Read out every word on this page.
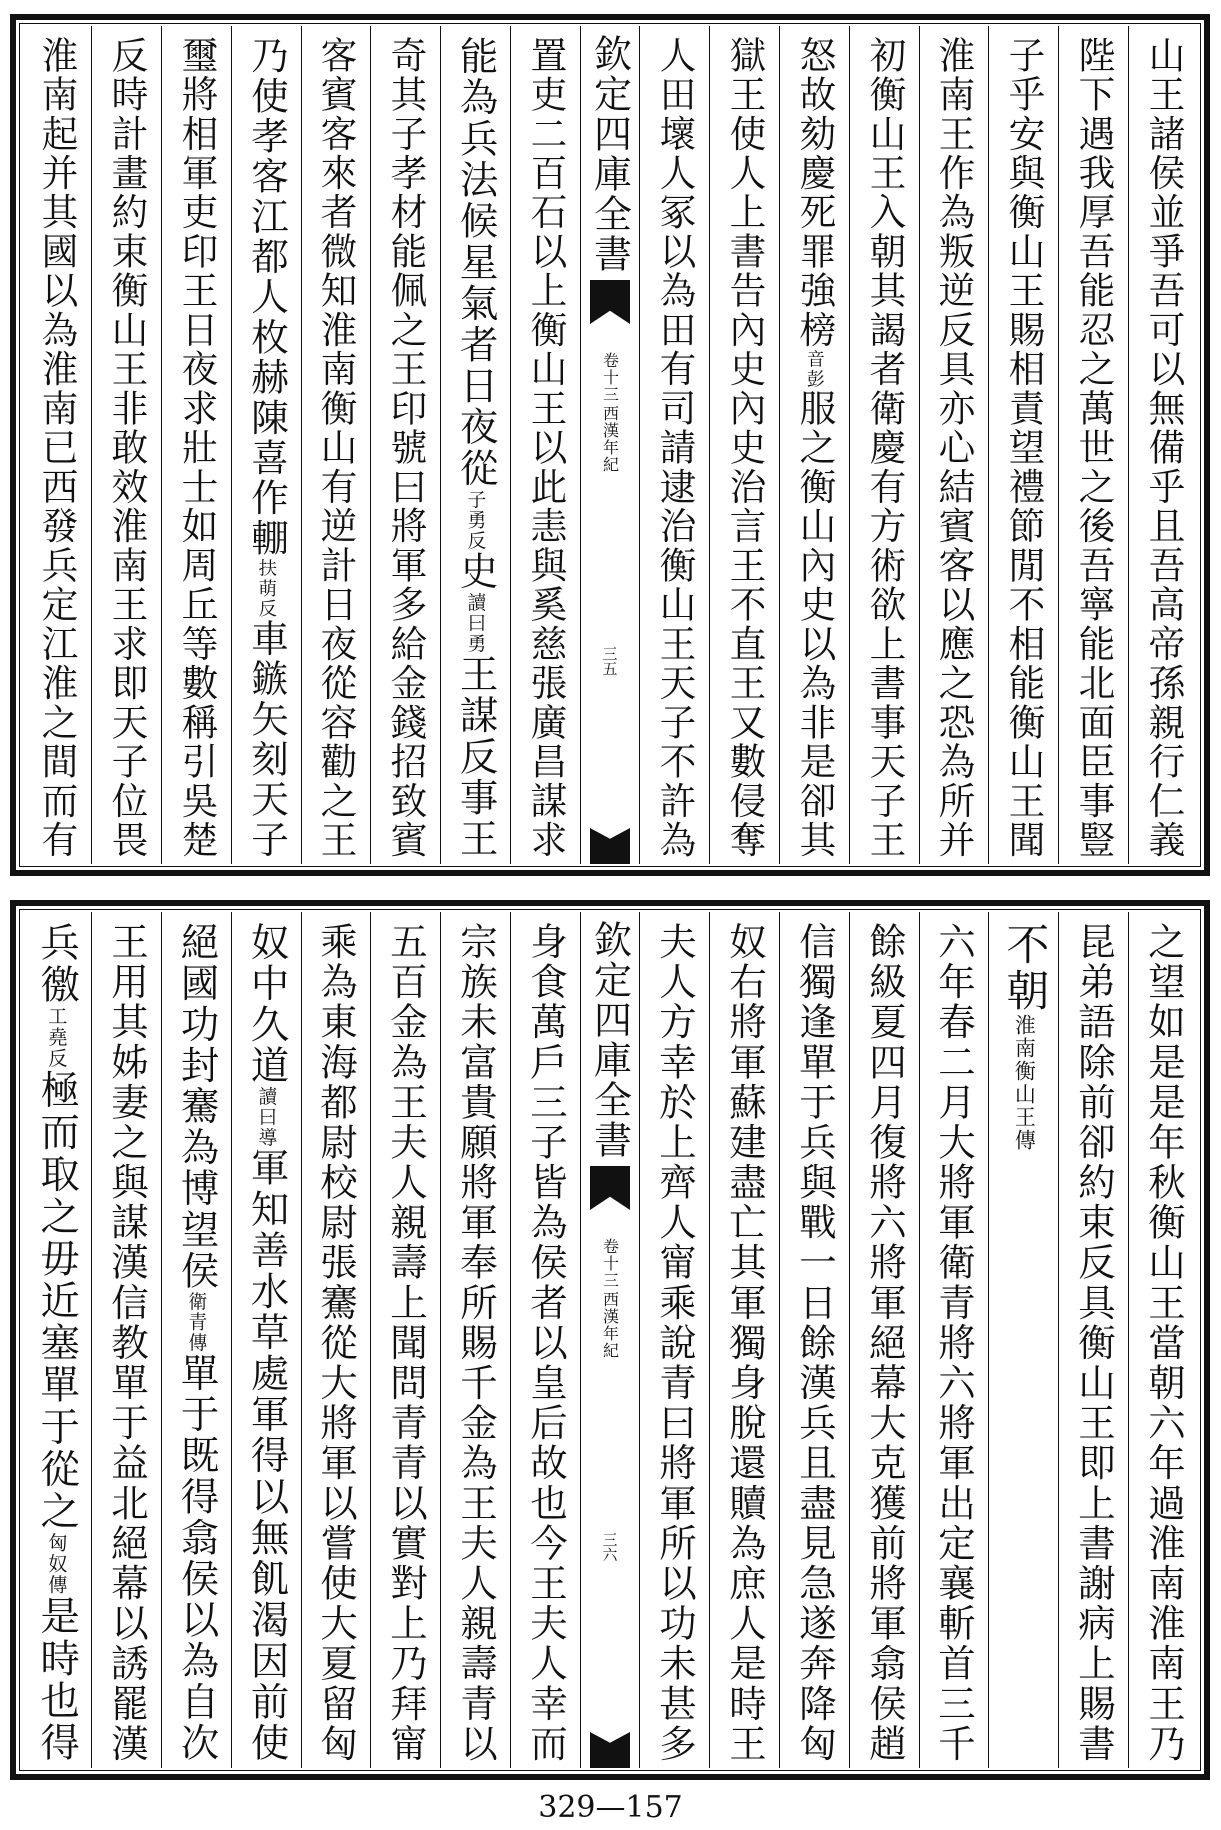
山王諸侯並爭吾可以無備乎且吾高帝孫親行仁義
陛下遇我厚吾能忍之萬世之後吾寧能北面臣事豎
子乎安與衡山王賜相責望禮節閒不相能衡山王聞
淮南王作為叛逆反具亦心結賓客以應之恐為所并
初衡山王入朝其謁者衛慶有方術欲上書事天子王
怒故劾慶死罪強榜
音彭
服之衡山內史以為非是卻其
獄王使人上書告內史內史治言王不直王又數侵奪
人田壞人冢以為田有司請逮治衡山王天子不許為
欽定四庫全書
西漢年紀
卷十三
三五
置吏二百石以上衡山王以此恚與奚慈張廣昌謀求
能為兵法候星氣者日夜從
子勇反
史
讀曰勇
王謀反事王
奇其子孝材能佩之王印號曰將軍多給金錢招致賓
客賓客來者微知淮南衡山有逆計日夜從容勸之王
乃使孝客江都人枚赫陳喜作輣
扶萌反
車鏃矢刻天子
璽將相軍吏印王日夜求壯士如周丘等數稱引吳楚
反時計畫約束衡山王非敢效淮南王求即天子位畏
淮南起并其國以為淮南已西發兵定江淮之間而有
之望如是是年秋衡山王當朝六年過淮南淮南王乃
昆弟語除前卻約束反具衡山王即上書謝病上賜書
不朝
淮南衡山王傳
六年春二月大將軍衛青將六將軍出定襄斬首三千
餘級夏四月復將六將軍絕幕大克獲前將軍翕侯趙
信獨逢單于兵與戰一日餘漢兵且盡見急遂奔降匈
奴右將軍蘇建盡亡其軍獨身脫還贖為庶人是時王
夫人方幸於上齊人甯乘說青曰將軍所以功未甚多
欽定四庫全書
西漢年紀
卷十三
三六
身食萬戶三子皆為侯者以皇后故也今王夫人幸而
宗族未富貴願將軍奉所賜千金為王夫人親壽青以
五百金為王夫人親壽上聞問青青以實對上乃拜甯
乘為東海都尉校尉張騫從大將軍以嘗使大夏留匈
奴中久道
讀曰導
軍知善水草處軍得以無飢渴因前使
絕國功封騫為博望侯
衛青傳
單于既得翕侯以為自次
王用其姊妻之與謀漢信教單于益北絕幕以誘罷漢
兵徼
工堯反
極而取之毋近塞單于從之
匈奴傳
是時也得
329—157
